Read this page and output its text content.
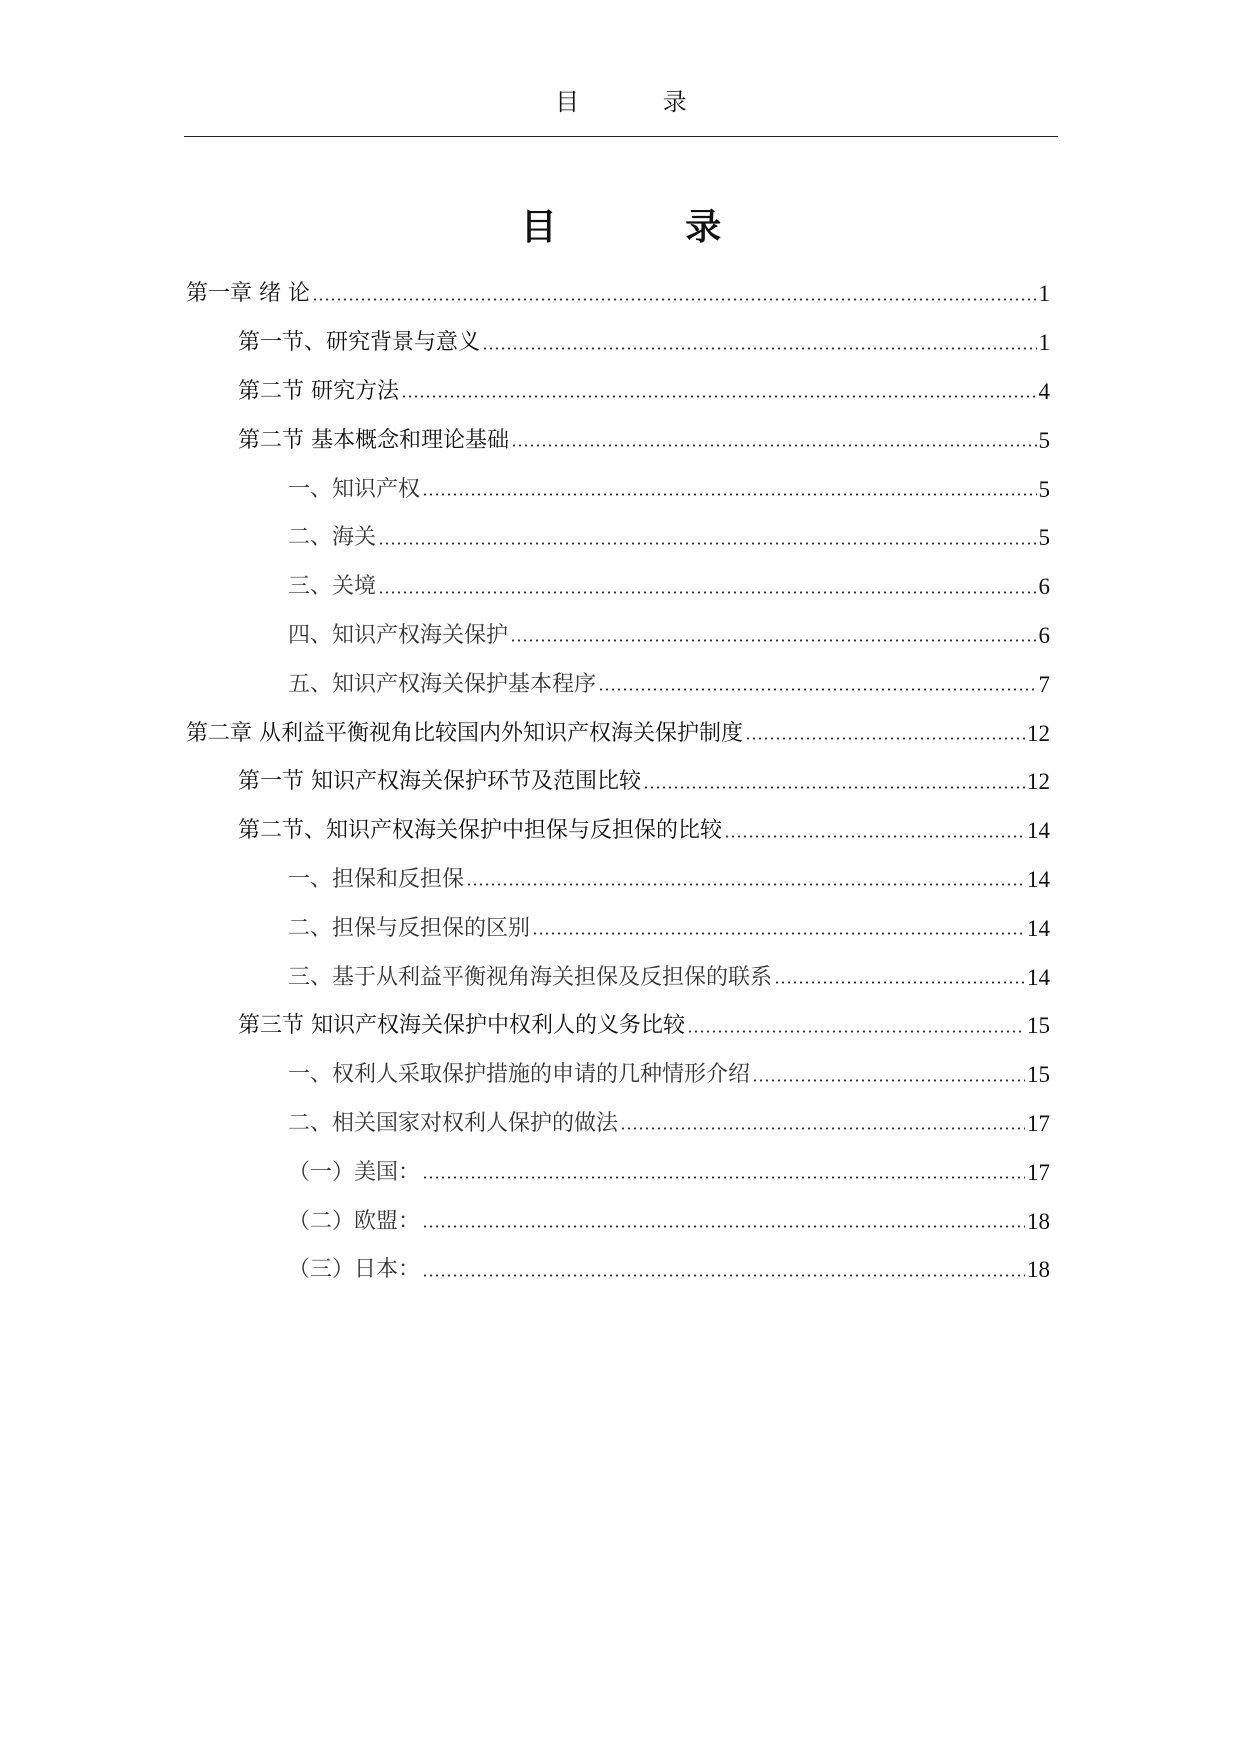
目 录
目 录
第一章 绪 论	1
第一节、研究背景与意义	1
第二节 研究方法	4
第二节 基本概念和理论基础	5
一、知识产权	5
二、海关	5
三、关境	6
四、知识产权海关保护	6
五、知识产权海关保护基本程序	7
第二章 从利益平衡视角比较国内外知识产权海关保护制度	12
第一节 知识产权海关保护环节及范围比较	12
第二节、知识产权海关保护中担保与反担保的比较	14
一、担保和反担保	14
二、担保与反担保的区别	14
三、基于从利益平衡视角海关担保及反担保的联系	14
第三节 知识产权海关保护中权利人的义务比较	15
一、权利人采取保护措施的申请的几种情形介绍	15
二、相关国家对权利人保护的做法	17
（一）美国：	17
（二）欧盟：	18
（三）日本：	18
